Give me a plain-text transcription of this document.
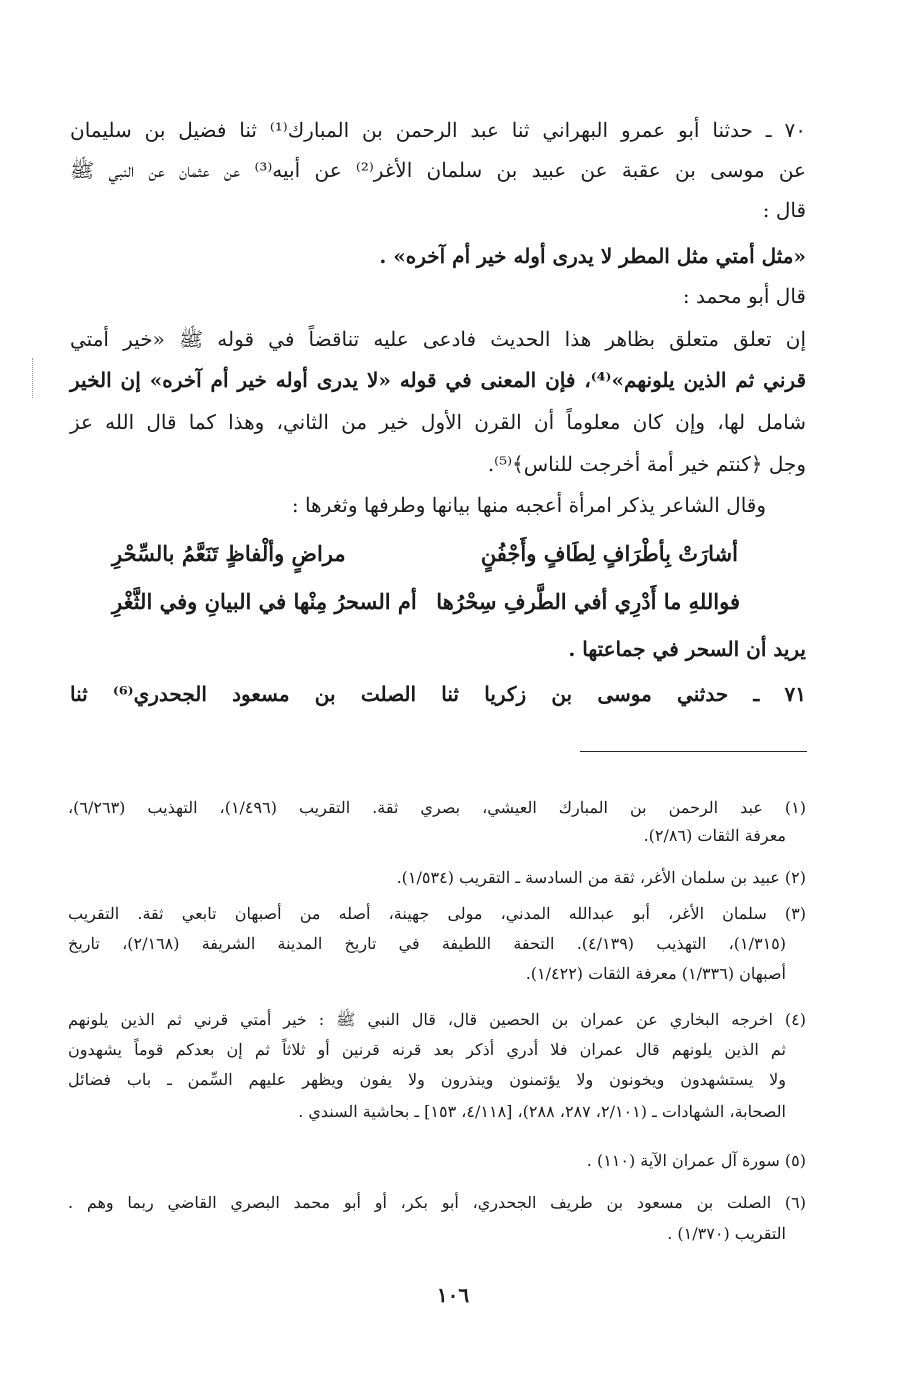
٧٠ ـ حدثنا أبو عمرو البهراني ثنا عبد الرحمن بن المبارك⁽¹⁾ ثنا فضيل بن سليمان
عن موسى بن عقبة عن عبيد بن سلمان الأغر⁽²⁾ عن أبيه⁽³⁾ عن عثمان عن النبي ﷺ
قال :
«مثل أمتي مثل المطر لا يدرى أوله خير أم آخره» .
قال أبو محمد :
إن تعلق متعلق بظاهر هذا الحديث فادعى عليه تناقضاً في قوله ﷺ «خير أمتي
قرني ثم الذين يلونهم»⁽⁴⁾، فإن المعنى في قوله «لا يدرى أوله خير أم آخره» إن الخير
شامل لها، وإن كان معلوماً أن القرن الأول خير من الثاني، وهذا كما قال الله عز
وجل ﴿كنتم خير أمة أخرجت للناس﴾⁽⁵⁾.
وقال الشاعر يذكر امرأة أعجبه منها بيانها وطرفها وثغرها :
أشارَتْ بِأطْرَافٍ لِطَافٍ وأَجْفُنٍ
مراضٍ وألْفاظٍ تَنَعَّمُ بالسِّحْرِ
فواللهِ ما أَدْرِي أفي الطَّرفِ سِحْرُها
أم السحرُ مِنْها في البيانِ وفي الثَّغْرِ
يريد أن السحر في جماعتها .
٧١ ـ حدثني موسى بن زكريا ثنا الصلت بن مسعود الجحدري⁽⁶⁾ ثنا
(١) عبد الرحمن بن المبارك العيشي، بصري ثقة. التقريب (١/٤٩٦)، التهذيب (٦/٢٦٣)،
معرفة الثقات (٢/٨٦).
(٢) عبيد بن سلمان الأغر، ثقة من السادسة ـ التقريب (١/٥٣٤).
(٣) سلمان الأغر، أبو عبدالله المدني، مولى جهينة، أصله من أصبهان تابعي ثقة. التقريب
(١/٣١٥)، التهذيب (٤/١٣٩). التحفة اللطيفة في تاريخ المدينة الشريفة (٢/١٦٨)، تاريخ
أصبهان (١/٣٣٦) معرفة الثقات (١/٤٢٢).
(٤) اخرجه البخاري عن عمران بن الحصين قال، قال النبي ﷺ : خير أمتي قرني ثم الذين يلونهم
ثم الذين يلونهم قال عمران فلا أدري أذكر بعد قرنه قرنين أو ثلاثاً ثم إن بعدكم قوماً يشهدون
ولا يستشهدون ويخونون ولا يؤتمنون وينذرون ولا يفون ويظهر عليهم السِّمن ـ باب فضائل
الصحابة، الشهادات ـ (٢/١٠١، ٢٨٧، ٢٨٨)، [٤/١١٨، ١٥٣] ـ بحاشية السندي .
(٥) سورة آل عمران الآية (١١٠) .
(٦) الصلت بن مسعود بن طريف الجحدري، أبو بكر، أو أبو محمد البصري القاضي ربما وهم .
التقريب (١/٣٧٠) .
١٠٦
